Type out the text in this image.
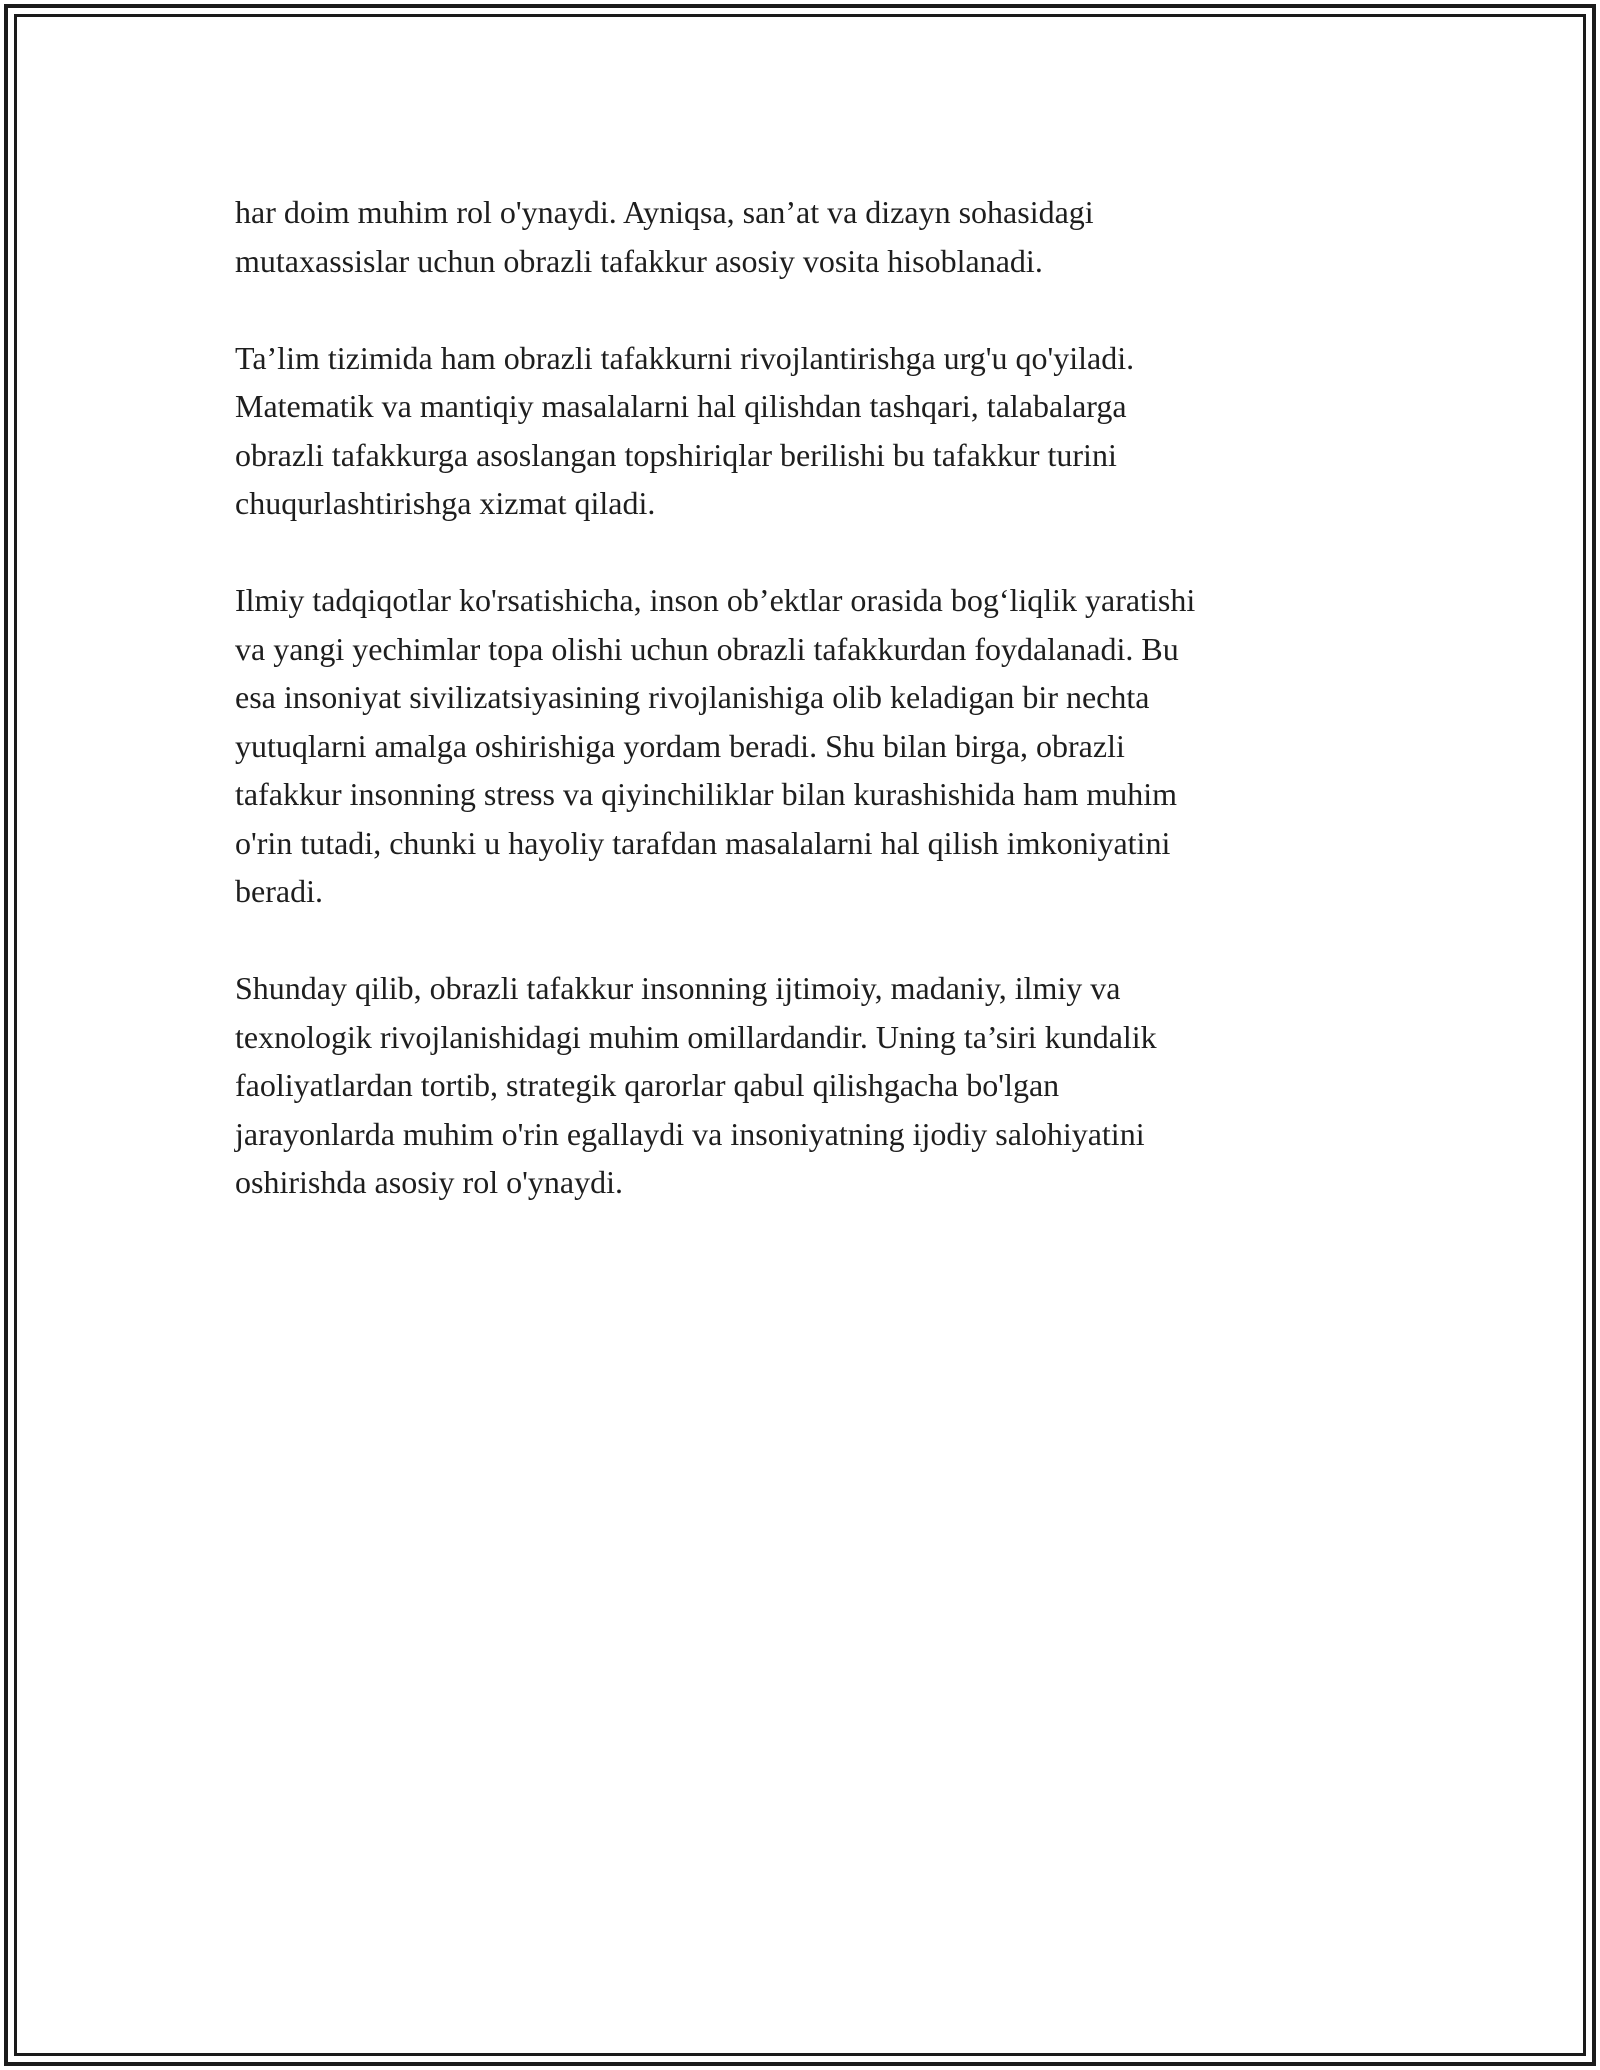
har doim muhim rol o'ynaydi. Ayniqsa, san’at va dizayn sohasidagi
mutaxassislar uchun obrazli tafakkur asosiy vosita hisoblanadi.

Ta’lim tizimida ham obrazli tafakkurni rivojlantirishga urg'u qo'yiladi.
Matematik va mantiqiy masalalarni hal qilishdan tashqari, talabalarga
obrazli tafakkurga asoslangan topshiriqlar berilishi bu tafakkur turini
chuqurlashtirishga xizmat qiladi.

Ilmiy tadqiqotlar ko'rsatishicha, inson ob’ektlar orasida bog‘liqlik yaratishi
va yangi yechimlar topa olishi uchun obrazli tafakkurdan foydalanadi. Bu
esa insoniyat sivilizatsiyasining rivojlanishiga olib keladigan bir nechta
yutuqlarni amalga oshirishiga yordam beradi. Shu bilan birga, obrazli
tafakkur insonning stress va qiyinchiliklar bilan kurashishida ham muhim
o'rin tutadi, chunki u hayoliy tarafdan masalalarni hal qilish imkoniyatini
beradi.

Shunday qilib, obrazli tafakkur insonning ijtimoiy, madaniy, ilmiy va
texnologik rivojlanishidagi muhim omillardandir. Uning ta’siri kundalik
faoliyatlardan tortib, strategik qarorlar qabul qilishgacha bo'lgan
jarayonlarda muhim o'rin egallaydi va insoniyatning ijodiy salohiyatini
oshirishda asosiy rol o'ynaydi.
